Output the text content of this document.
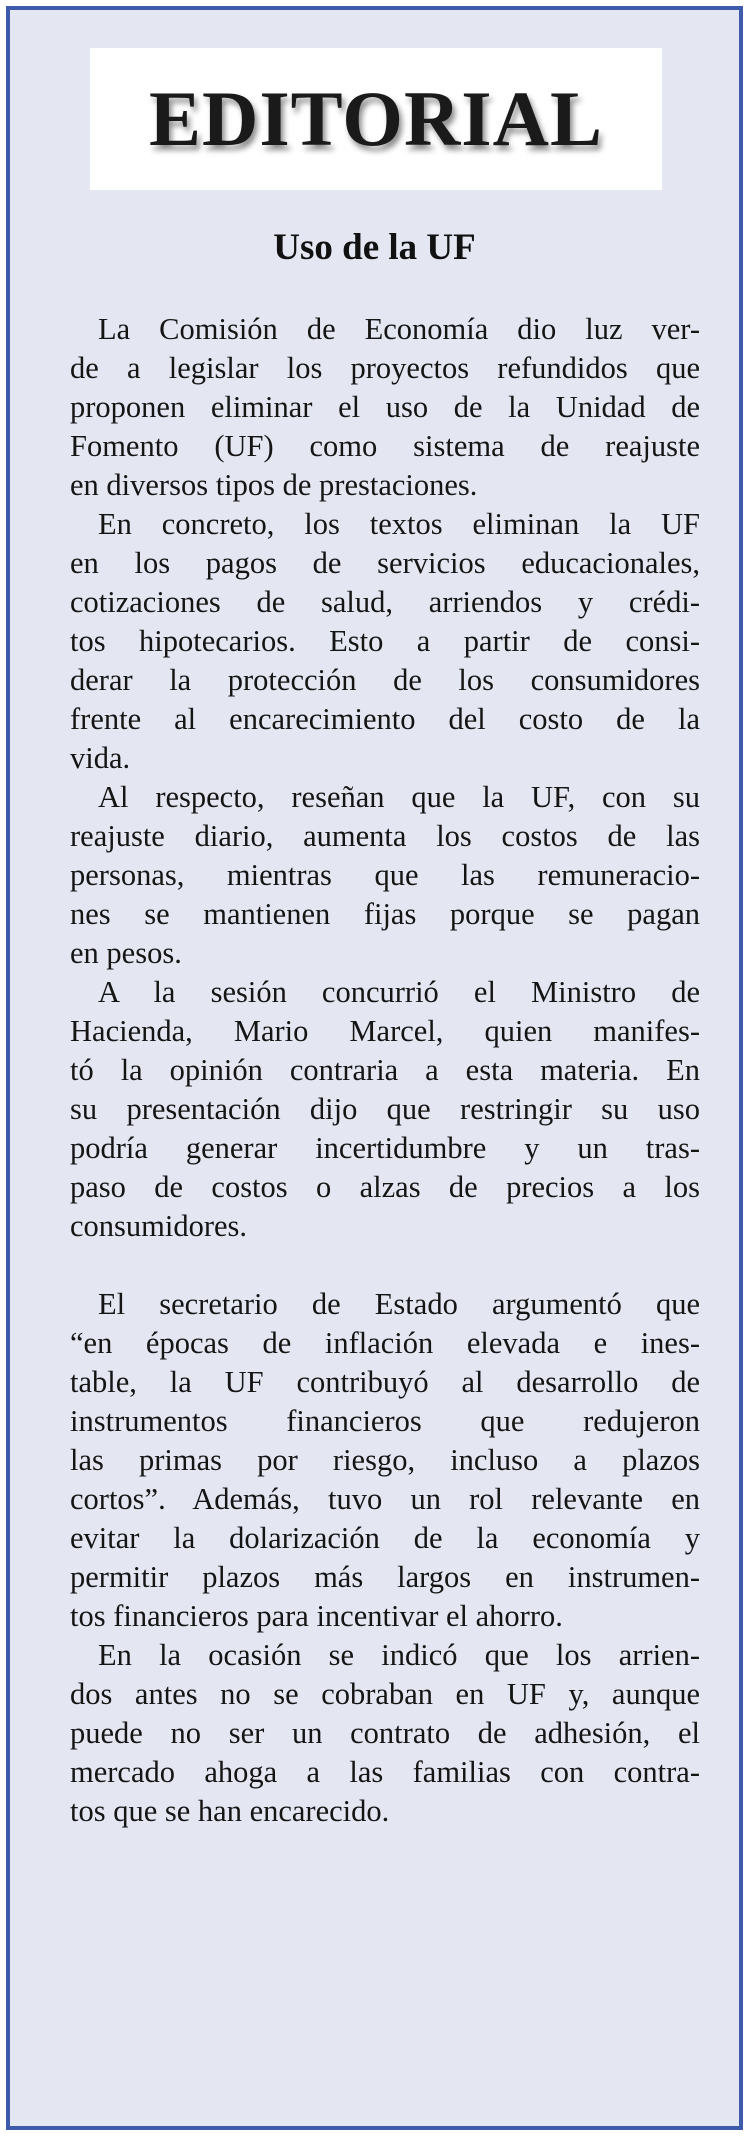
EDITORIAL
Uso de la UF
La Comisión de Economía dio luz ver-
de a legislar los proyectos refundidos que
proponen eliminar el uso de la Unidad de
Fomento (UF) como sistema de reajuste
en diversos tipos de prestaciones.
En concreto, los textos eliminan la UF
en los pagos de servicios educacionales,
cotizaciones de salud, arriendos y crédi-
tos hipotecarios. Esto a partir de consi-
derar la protección de los consumidores
frente al encarecimiento del costo de la
vida.
Al respecto, reseñan que la UF, con su
reajuste diario, aumenta los costos de las
personas, mientras que las remuneracio-
nes se mantienen fijas porque se pagan
en pesos.
A la sesión concurrió el Ministro de
Hacienda, Mario Marcel, quien manifes-
tó la opinión contraria a esta materia. En
su presentación dijo que restringir su uso
podría generar incertidumbre y un tras-
paso de costos o alzas de precios a los
consumidores.
El secretario de Estado argumentó que
“en épocas de inflación elevada e ines-
table, la UF contribuyó al desarrollo de
instrumentos financieros que redujeron
las primas por riesgo, incluso a plazos
cortos”. Además, tuvo un rol relevante en
evitar la dolarización de la economía y
permitir plazos más largos en instrumen-
tos financieros para incentivar el ahorro.
En la ocasión se indicó que los arrien-
dos antes no se cobraban en UF y, aunque
puede no ser un contrato de adhesión, el
mercado ahoga a las familias con contra-
tos que se han encarecido.
